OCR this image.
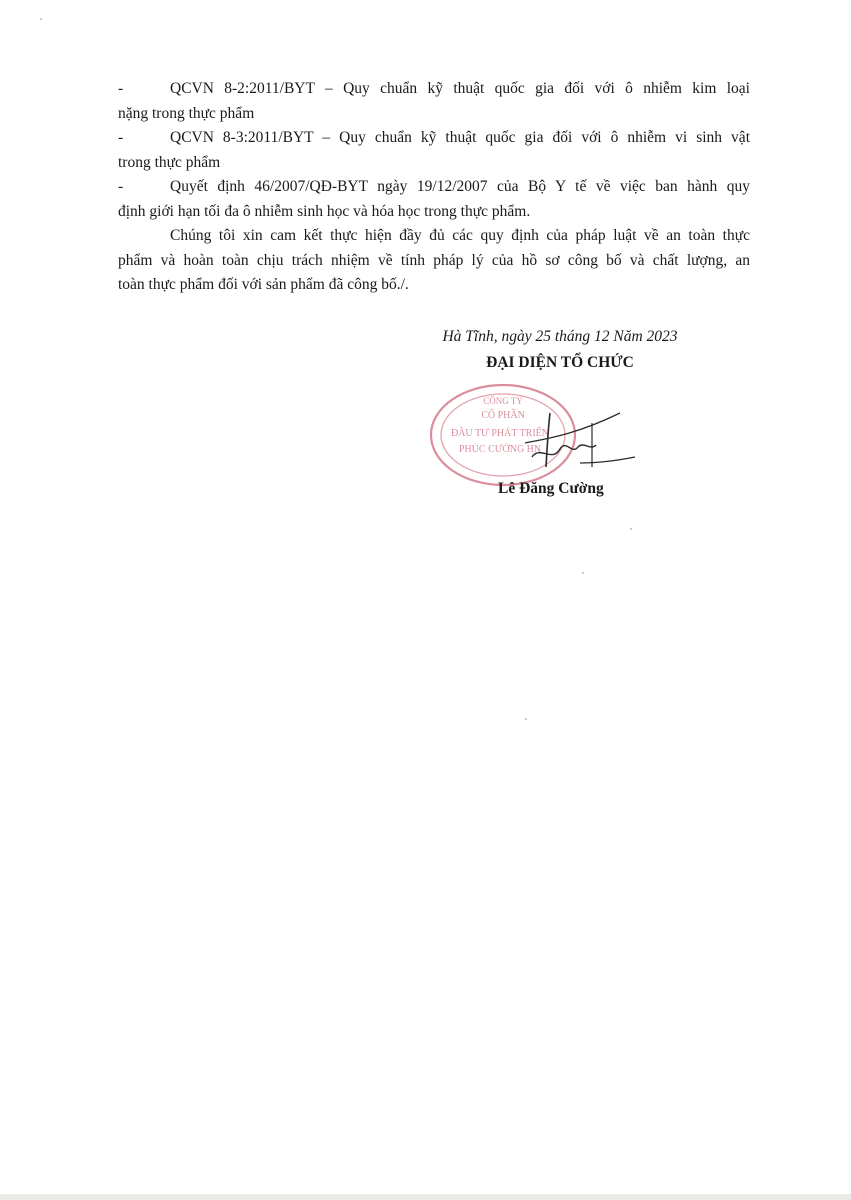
-	QCVN 8-2:2011/BYT – Quy chuẩn kỹ thuật quốc gia đối với ô nhiễm kim loại
nặng trong thực phẩm
-	QCVN 8-3:2011/BYT – Quy chuẩn kỹ thuật quốc gia đối với ô nhiễm vi sinh vật
trong thực phẩm
-	Quyết định 46/2007/QĐ-BYT ngày 19/12/2007 của Bộ Y tế về việc ban hành quy
định giới hạn tối đa ô nhiễm sinh học và hóa học trong thực phẩm.

Chúng tôi xin cam kết thực hiện đầy đủ các quy định của pháp luật về an toàn thực
phẩm và hoàn toàn chịu trách nhiệm về tính pháp lý của hồ sơ công bố và chất lượng, an
toàn thực phẩm đối với sản phẩm đã công bố./.

Hà Tĩnh, ngày 25 tháng 12 Năm 2023
ĐẠI DIỆN TỔ CHỨC
CÔNG TY
CỔ PHẦN
ĐẦU TƯ PHÁT TRIỂN
PHÚC CƯỜNG HN
Lê Đăng Cường
